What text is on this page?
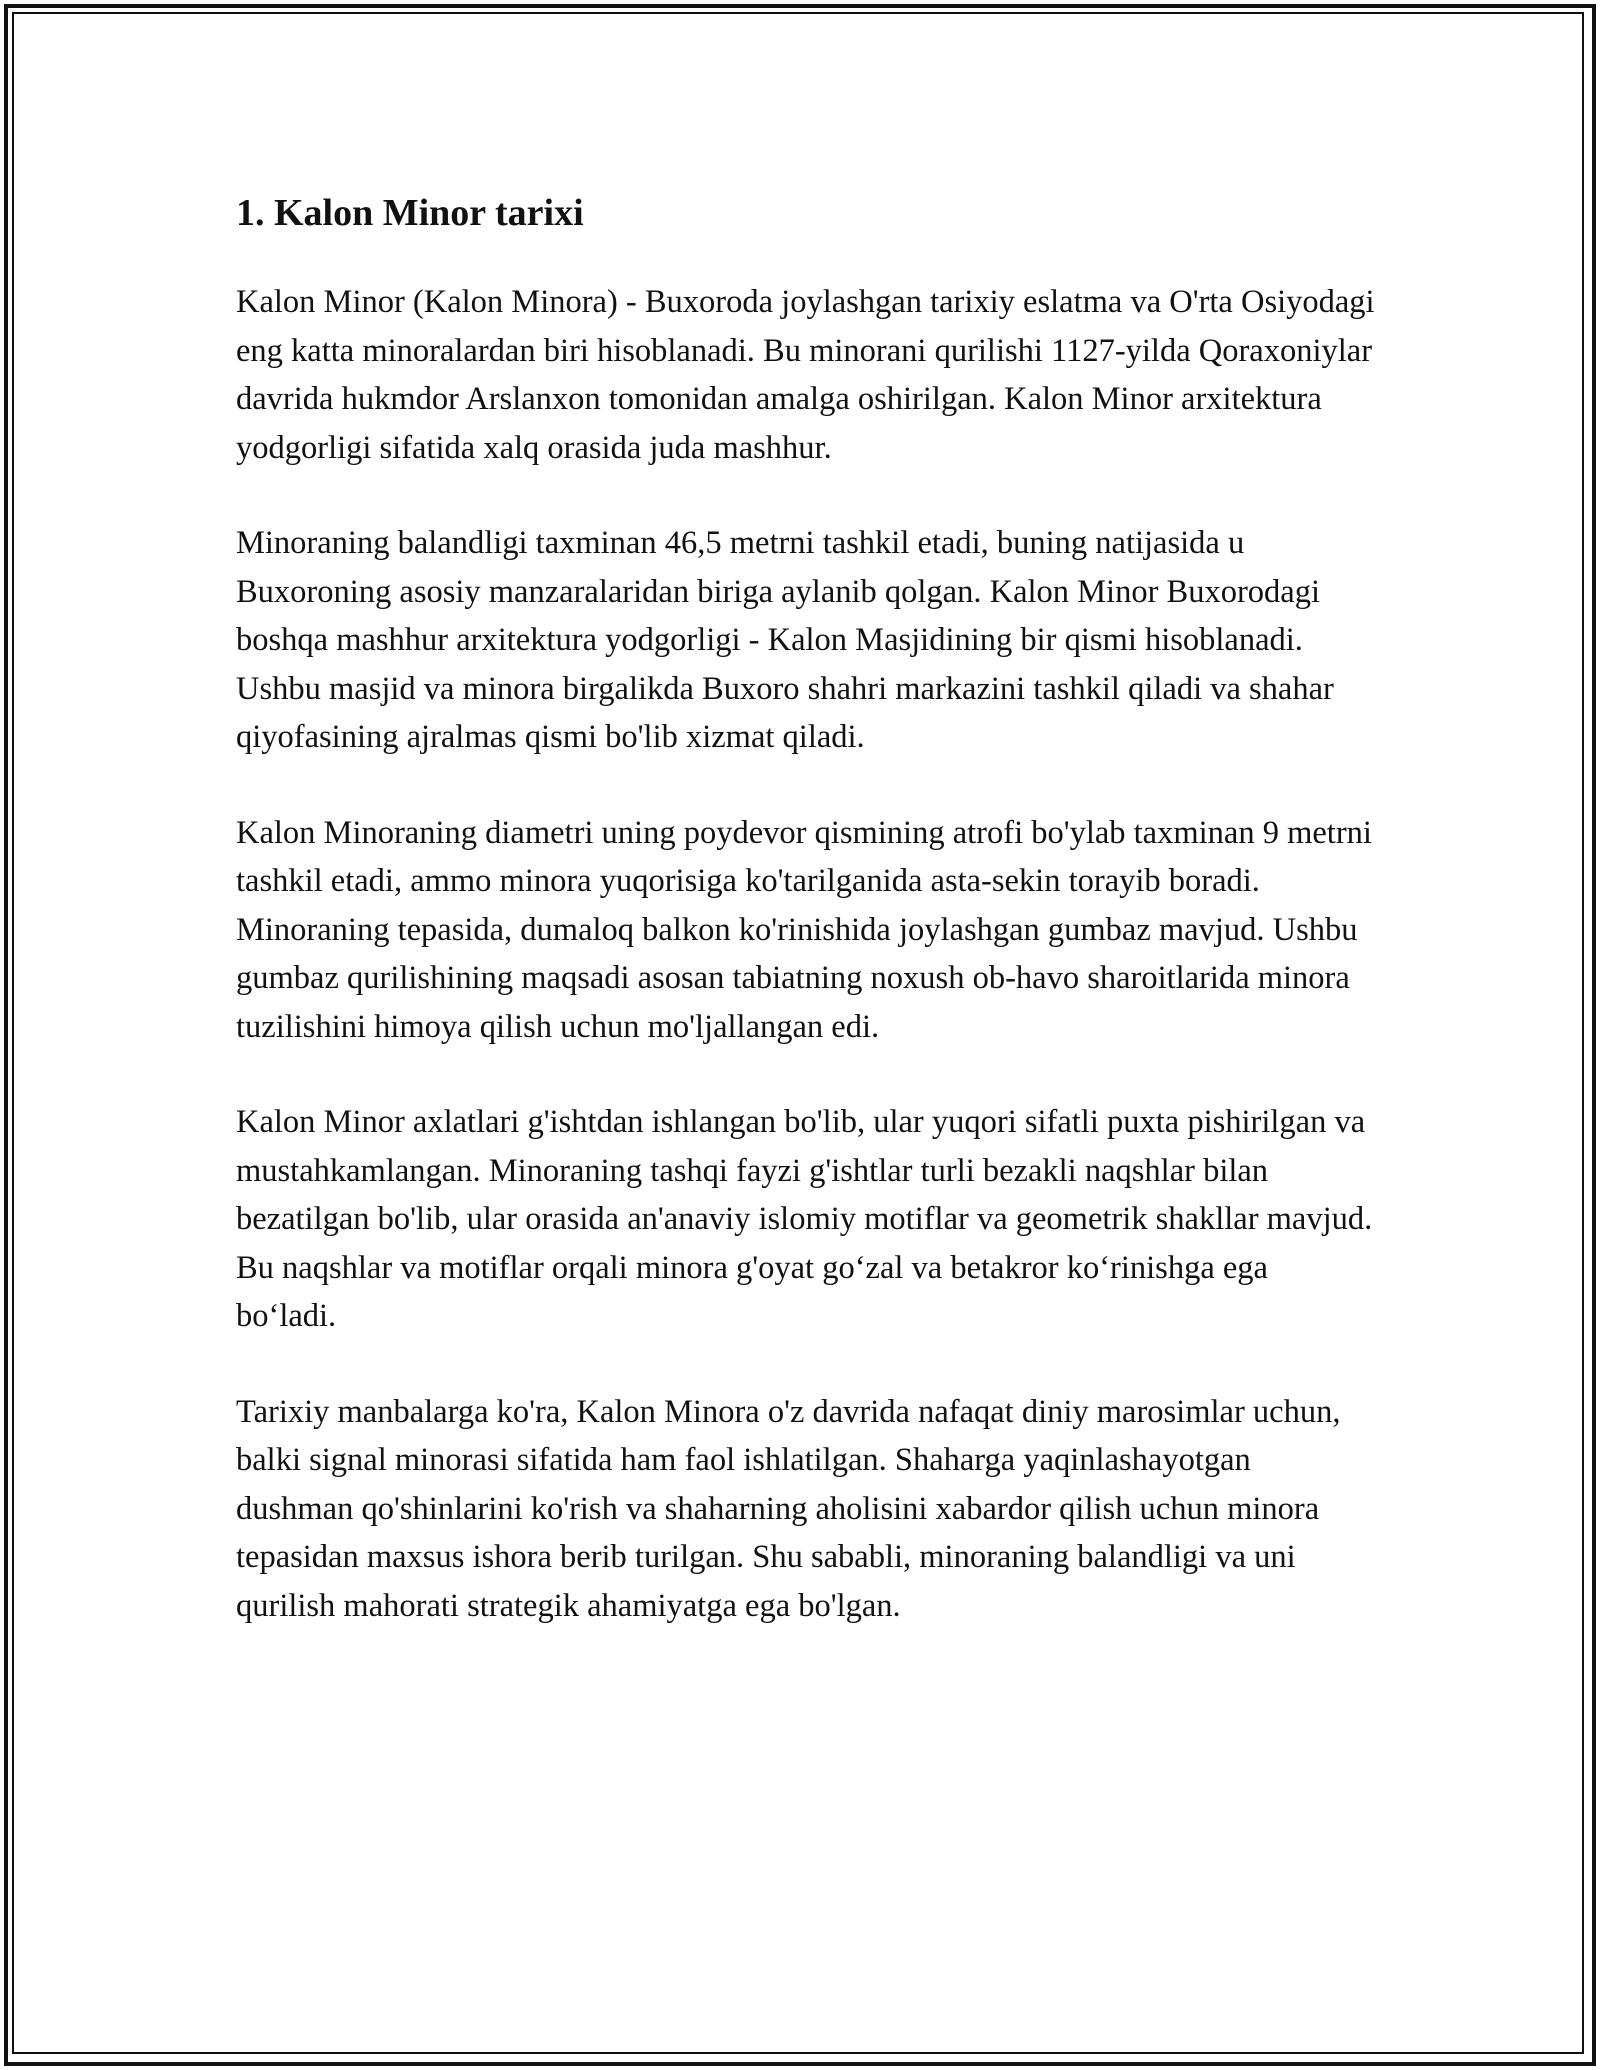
1. Kalon Minor tarixi

Kalon Minor (Kalon Minora) - Buxoroda joylashgan tarixiy eslatma va O'rta Osiyodagi eng katta minoralardan biri hisoblanadi. Bu minorani qurilishi 1127-yilda Qoraxoniylar davrida hukmdor Arslanxon tomonidan amalga oshirilgan. Kalon Minor arxitektura yodgorligi sifatida xalq orasida juda mashhur.

Minoraning balandligi taxminan 46,5 metrni tashkil etadi, buning natijasida u Buxoroning asosiy manzaralaridan biriga aylanib qolgan. Kalon Minor Buxorodagi boshqa mashhur arxitektura yodgorligi - Kalon Masjidining bir qismi hisoblanadi. Ushbu masjid va minora birgalikda Buxoro shahri markazini tashkil qiladi va shahar qiyofasining ajralmas qismi bo'lib xizmat qiladi.

Kalon Minoraning diametri uning poydevor qismining atrofi bo'ylab taxminan 9 metrni tashkil etadi, ammo minora yuqorisiga ko'tarilganida asta-sekin torayib boradi. Minoraning tepasida, dumaloq balkon ko'rinishida joylashgan gumbaz mavjud. Ushbu gumbaz qurilishining maqsadi asosan tabiatning noxush ob-havo sharoitlarida minora tuzilishini himoya qilish uchun mo'ljallangan edi.

Kalon Minor axlatlari g'ishtdan ishlangan bo'lib, ular yuqori sifatli puxta pishirilgan va mustahkamlangan. Minoraning tashqi fayzi g'ishtlar turli bezakli naqshlar bilan bezatilgan bo'lib, ular orasida an'anaviy islomiy motiflar va geometrik shakllar mavjud. Bu naqshlar va motiflar orqali minora g'oyat go‘zal va betakror ko‘rinishga ega bo‘ladi.

Tarixiy manbalarga ko'ra, Kalon Minora o'z davrida nafaqat diniy marosimlar uchun, balki signal minorasi sifatida ham faol ishlatilgan. Shaharga yaqinlashayotgan dushman qo'shinlarini ko'rish va shaharning aholisini xabardor qilish uchun minora tepasidan maxsus ishora berib turilgan. Shu sababli, minoraning balandligi va uni qurilish mahorati strategik ahamiyatga ega bo'lgan.
